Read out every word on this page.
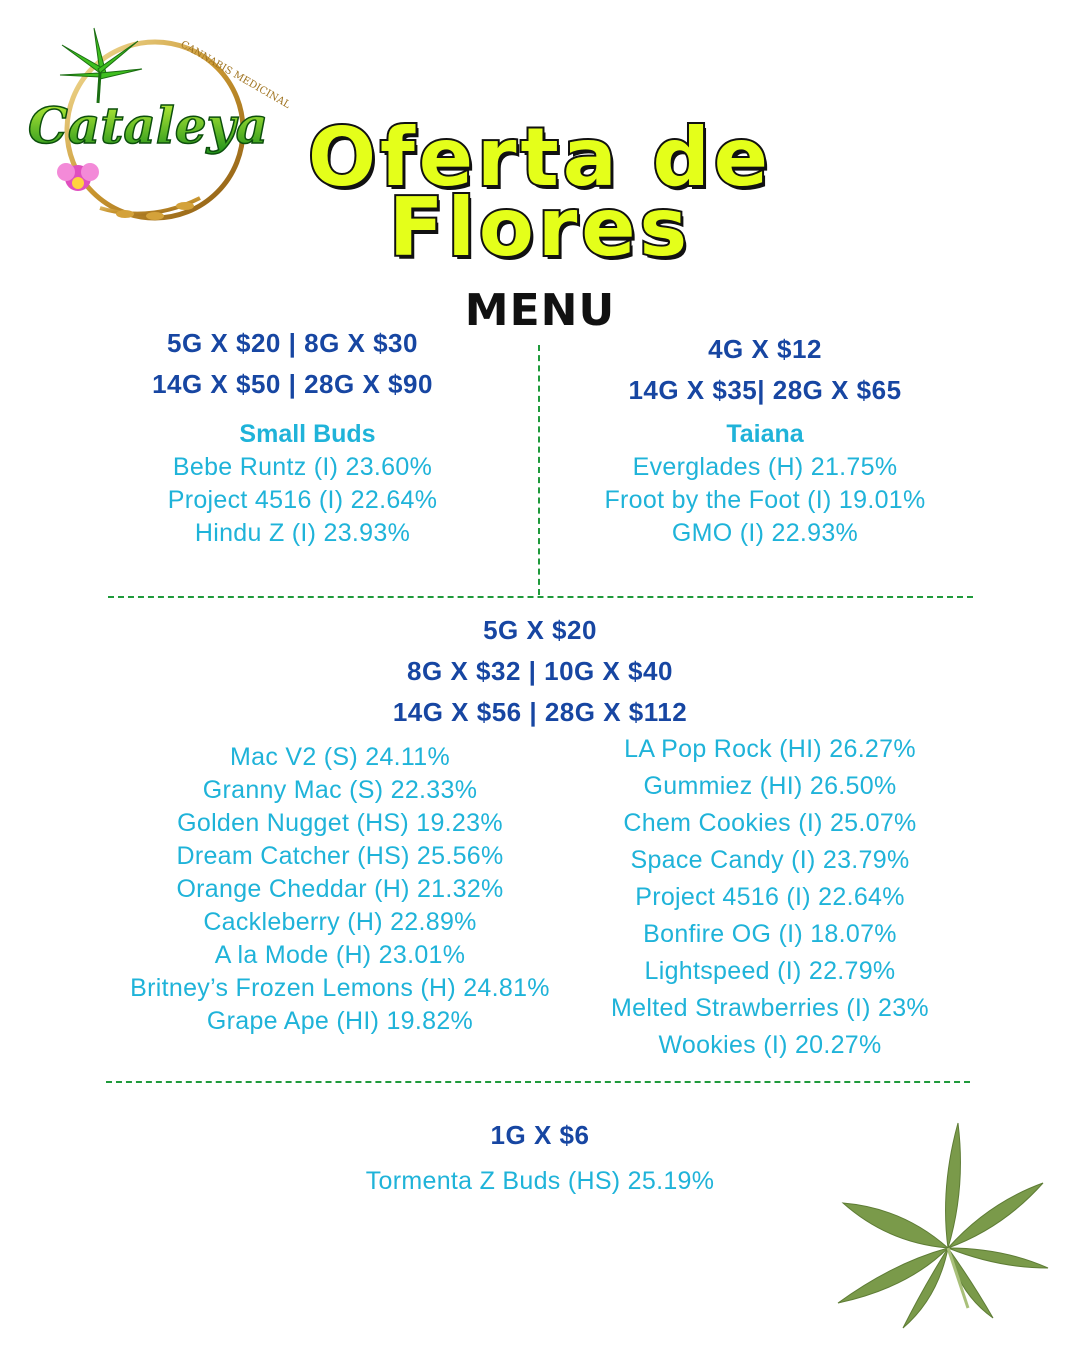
Cataleya
CANNABIS MEDICINAL
Oferta de
Flores
MENU
5G X $20 | 8G X $30
14G X $50 | 28G X $90
Small Buds
Bebe Runtz (I) 23.60%
Project 4516 (I) 22.64%
Hindu Z (I) 23.93%
4G X $12
14G X $35| 28G X $65
Taiana
Everglades (H) 21.75%
Froot by the Foot (I) 19.01%
GMO (I) 22.93%
5G X $20
8G X $32 | 10G X $40
14G X $56 | 28G X $112
Mac V2 (S) 24.11%
Granny Mac (S) 22.33%
Golden Nugget (HS) 19.23%
Dream Catcher (HS) 25.56%
Orange Cheddar (H) 21.32%
Cackleberry (H) 22.89%
A la Mode (H) 23.01%
Britney’s Frozen Lemons (H) 24.81%
Grape Ape (HI) 19.82%
LA Pop Rock (HI) 26.27%
Gummiez (HI) 26.50%
Chem Cookies (I) 25.07%
Space Candy (I) 23.79%
Project 4516 (I) 22.64%
Bonfire OG (I) 18.07%
Lightspeed (I) 22.79%
Melted Strawberries (I) 23%
Wookies (I) 20.27%
1G X $6
Tormenta Z Buds (HS) 25.19%
